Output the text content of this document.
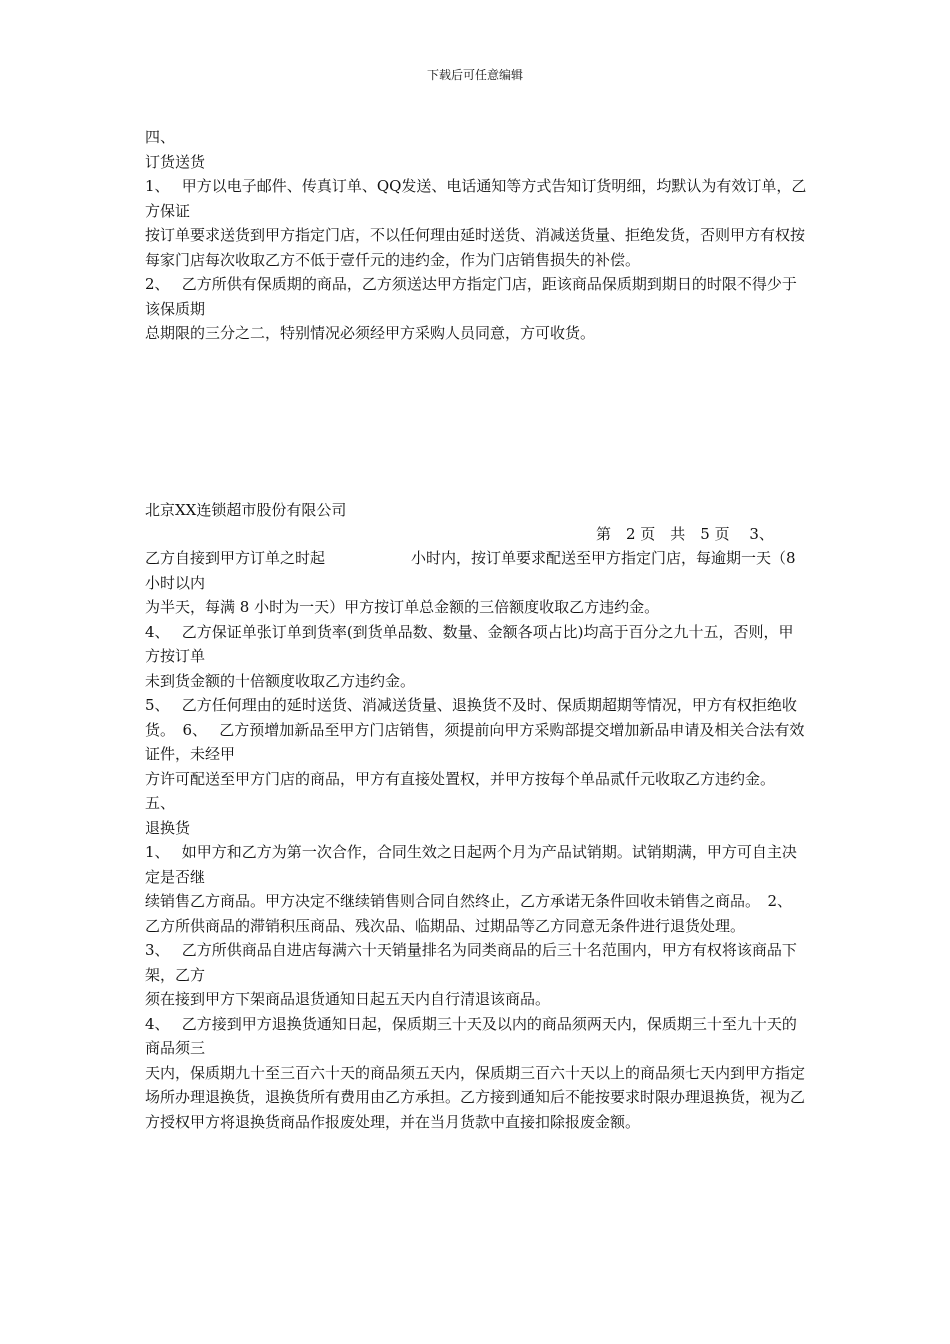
下载后可任意编辑

四、

订货送货

1、　 甲方以电子邮件、传真订单、QQ发送、电话通知等方式告知订货明细，均默认为有效订单，乙方保证

按订单要求送货到甲方指定门店，不以任何理由延时送货、消减送货量、拒绝发货，否则甲方有权按每家门店每次收取乙方不低于壹仟元的违约金，作为门店销售损失的补偿。

2、　 乙方所供有保质期的商品，乙方须送达甲方指定门店，距该商品保质期到期日的时限不得少于该保质期

总期限的三分之二，特别情况必须经甲方采购人员同意，方可收货。

北京XX连锁超市股份有限公司
第　2 页　共　5 页　 3、

乙方自接到甲方订单之时起	小时内，按订单要求配送至甲方指定门店，每逾期一天（8 小时以内

为半天，每满 8 小时为一天）甲方按订单总金额的三倍额度收取乙方违约金。

4、　 乙方保证单张订单到货率(到货单品数、数量、金额各项占比)均高于百分之九十五，否则，甲方按订单

未到货金额的十倍额度收取乙方违约金。

5、　 乙方任何理由的延时送货、消减送货量、退换货不及时、保质期超期等情况，甲方有权拒绝收货。　6、　 乙方预增加新品至甲方门店销售，须提前向甲方采购部提交增加新品申请及相关合法有效证件，未经甲

方许可配送至甲方门店的商品，甲方有直接处置权，并甲方按每个单品贰仟元收取乙方违约金。

五、

退换货

1、　 如甲方和乙方为第一次合作，合同生效之日起两个月为产品试销期。试销期满，甲方可自主决定是否继

续销售乙方商品。甲方决定不继续销售则合同自然终止，乙方承诺无条件回收未销售之商品。　2、　 乙方所供商品的滞销积压商品、残次品、临期品、过期品等乙方同意无条件进行退货处理。

3、　 乙方所供商品自进店每满六十天销量排名为同类商品的后三十名范围内，甲方有权将该商品下架，乙方

须在接到甲方下架商品退货通知日起五天内自行清退该商品。

4、　 乙方接到甲方退换货通知日起，保质期三十天及以内的商品须两天内，保质期三十至九十天的商品须三

天内，保质期九十至三百六十天的商品须五天内，保质期三百六十天以上的商品须七天内到甲方指定场所办理退换货，退换货所有费用由乙方承担。乙方接到通知后不能按要求时限办理退换货，视为乙方授权甲方将退换货商品作报废处理，并在当月货款中直接扣除报废金额。
